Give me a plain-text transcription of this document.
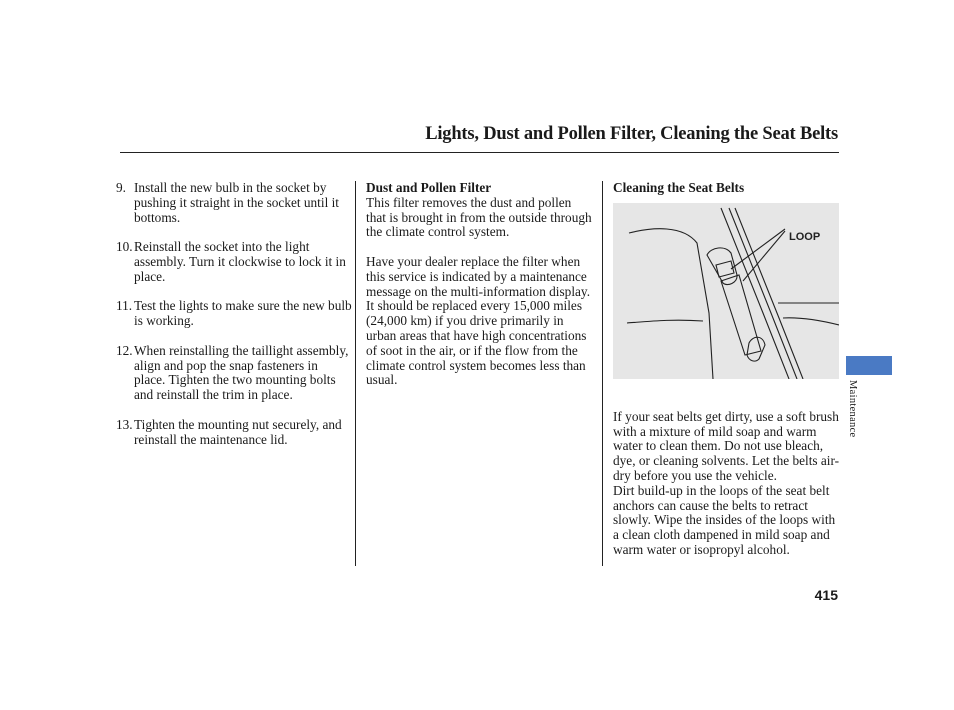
Lights, Dust and Pollen Filter, Cleaning the Seat Belts
9. Install the new bulb in the socket by pushing it straight in the socket until it bottoms.

10. Reinstall the socket into the light assembly. Turn it clockwise to lock it in place.

11. Test the lights to make sure the new bulb is working.

12. When reinstalling the taillight assembly, align and pop the snap fasteners in place. Tighten the two mounting bolts and reinstall the trim in place.

13. Tighten the mounting nut securely, and reinstall the maintenance lid.

Dust and Pollen Filter

This filter removes the dust and pollen that is brought in from the outside through the climate control system.

Have your dealer replace the filter when this service is indicated by a maintenance message on the multi-information display. It should be replaced every 15,000 miles (24,000 km) if you drive primarily in urban areas that have high concentrations of soot in the air, or if the flow from the climate control system becomes less than usual.

Cleaning the Seat Belts

If your seat belts get dirty, use a soft brush with a mixture of mild soap and warm water to clean them. Do not use bleach, dye, or cleaning solvents. Let the belts air-dry before you use the vehicle.

Dirt build-up in the loops of the seat belt anchors can cause the belts to retract slowly. Wipe the insides of the loops with a clean cloth dampened in mild soap and warm water or isopropyl alcohol.

LOOP
Maintenance
415
